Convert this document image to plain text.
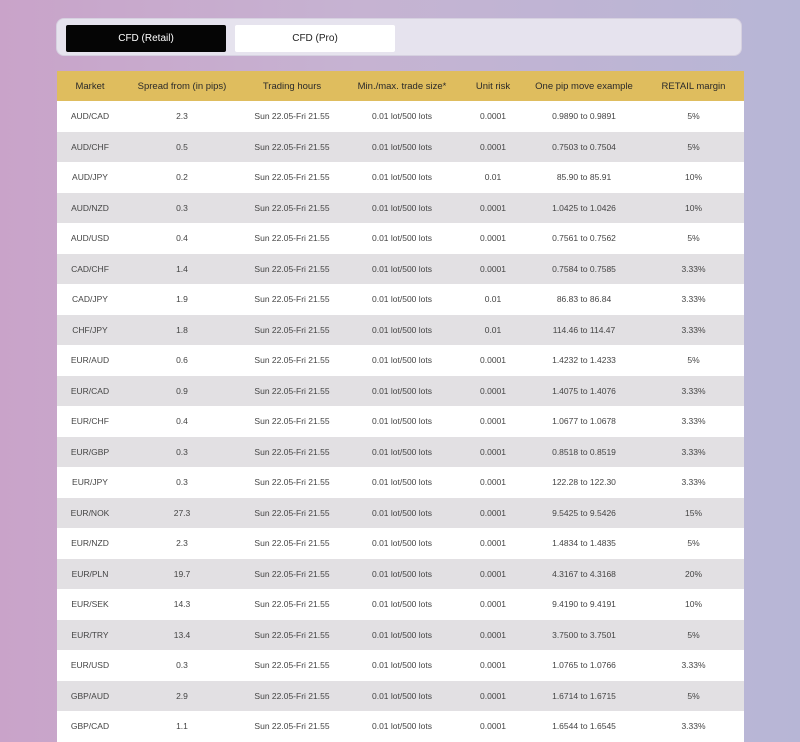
CFD (Retail)	CFD (Pro)
Market	Spread from (in pips)	Trading hours	Min./max. trade size*	Unit risk	One pip move example	RETAIL margin
AUD/CAD	2.3	Sun 22.05-Fri 21.55	0.01 lot/500 lots	0.0001	0.9890 to 0.9891	5%
AUD/CHF	0.5	Sun 22.05-Fri 21.55	0.01 lot/500 lots	0.0001	0.7503 to 0.7504	5%
AUD/JPY	0.2	Sun 22.05-Fri 21.55	0.01 lot/500 lots	0.01	85.90 to 85.91	10%
AUD/NZD	0.3	Sun 22.05-Fri 21.55	0.01 lot/500 lots	0.0001	1.0425 to 1.0426	10%
AUD/USD	0.4	Sun 22.05-Fri 21.55	0.01 lot/500 lots	0.0001	0.7561 to 0.7562	5%
CAD/CHF	1.4	Sun 22.05-Fri 21.55	0.01 lot/500 lots	0.0001	0.7584 to 0.7585	3.33%
CAD/JPY	1.9	Sun 22.05-Fri 21.55	0.01 lot/500 lots	0.01	86.83 to 86.84	3.33%
CHF/JPY	1.8	Sun 22.05-Fri 21.55	0.01 lot/500 lots	0.01	114.46 to 114.47	3.33%
EUR/AUD	0.6	Sun 22.05-Fri 21.55	0.01 lot/500 lots	0.0001	1.4232 to 1.4233	5%
EUR/CAD	0.9	Sun 22.05-Fri 21.55	0.01 lot/500 lots	0.0001	1.4075 to 1.4076	3.33%
EUR/CHF	0.4	Sun 22.05-Fri 21.55	0.01 lot/500 lots	0.0001	1.0677 to 1.0678	3.33%
EUR/GBP	0.3	Sun 22.05-Fri 21.55	0.01 lot/500 lots	0.0001	0.8518 to 0.8519	3.33%
EUR/JPY	0.3	Sun 22.05-Fri 21.55	0.01 lot/500 lots	0.0001	122.28 to 122.30	3.33%
EUR/NOK	27.3	Sun 22.05-Fri 21.55	0.01 lot/500 lots	0.0001	9.5425 to 9.5426	15%
EUR/NZD	2.3	Sun 22.05-Fri 21.55	0.01 lot/500 lots	0.0001	1.4834 to 1.4835	5%
EUR/PLN	19.7	Sun 22.05-Fri 21.55	0.01 lot/500 lots	0.0001	4.3167 to 4.3168	20%
EUR/SEK	14.3	Sun 22.05-Fri 21.55	0.01 lot/500 lots	0.0001	9.4190 to 9.4191	10%
EUR/TRY	13.4	Sun 22.05-Fri 21.55	0.01 lot/500 lots	0.0001	3.7500 to 3.7501	5%
EUR/USD	0.3	Sun 22.05-Fri 21.55	0.01 lot/500 lots	0.0001	1.0765 to 1.0766	3.33%
GBP/AUD	2.9	Sun 22.05-Fri 21.55	0.01 lot/500 lots	0.0001	1.6714 to 1.6715	5%
GBP/CAD	1.1	Sun 22.05-Fri 21.55	0.01 lot/500 lots	0.0001	1.6544 to 1.6545	3.33%
